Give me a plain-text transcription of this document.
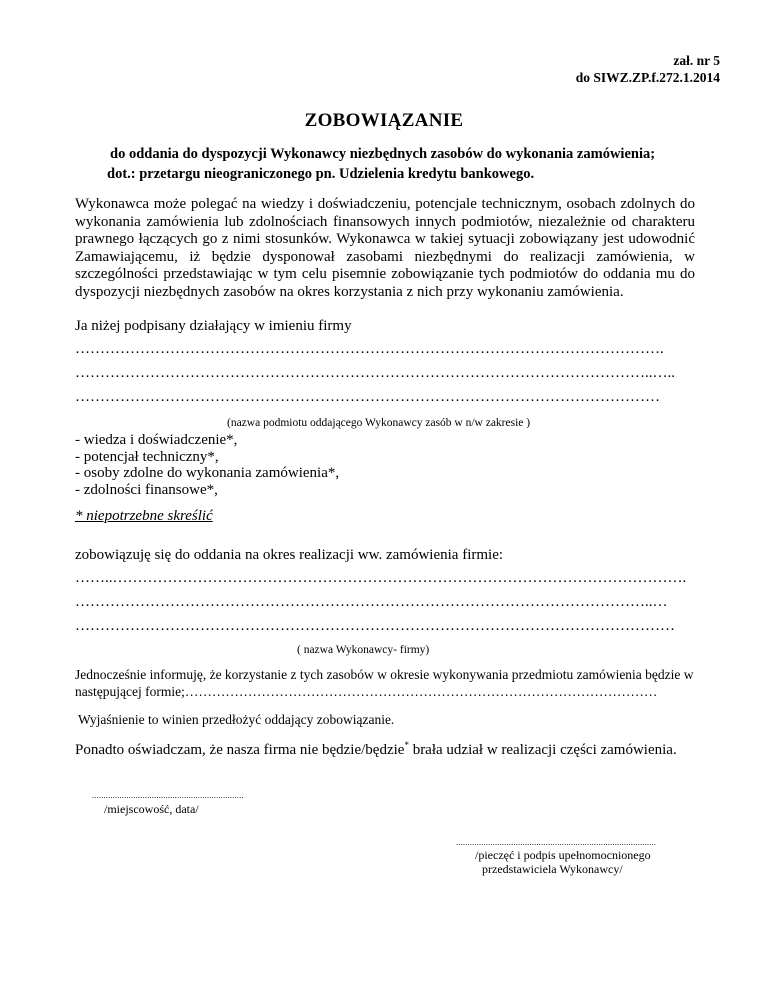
zał. nr 5

do SIWZ.ZP.f.272.1.2014

ZOBOWIĄZANIE

do oddania do dyspozycji Wykonawcy niezbędnych zasobów do wykonania zamówienia;

dot.: przetargu nieograniczonego pn. Udzielenia kredytu bankowego.

Wykonawca może polegać na wiedzy i doświadczeniu, potencjale technicznym, osobach zdolnych do wykonania zamówienia lub zdolnościach finansowych innych podmiotów, niezależnie od charakteru prawnego łączących go z nimi stosunków. Wykonawca w takiej sytuacji zobowiązany jest udowodnić Zamawiającemu, iż będzie dysponował zasobami niezbędnymi do realizacji zamówienia, w szczególności przedstawiając w tym celu pisemnie zobowiązanie tych podmiotów do oddania mu do dyspozycji niezbędnych zasobów na okres korzystania z nich przy wykonaniu zamówienia.

Ja niżej podpisany działający w imieniu firmy

……………………………………………………………………………………………………….

……………………………………………………………………………………………………..…..

………………………………………………………………………………………………………

(nazwa podmiotu oddającego Wykonawcy zasób w n/w zakresie )

- wiedza i doświadczenie*,
- potencjał techniczny*,
- osoby zdolne do wykonania zamówienia*,
- zdolności finansowe*,

* niepotrzebne skreślić

zobowiązuję się do oddania na okres realizacji ww. zamówienia firmie:

……..…………………………………………………………………………………………………….

……………………………………………………………………………………………………..…

…………………………………………………………………………………………………………

( nazwa Wykonawcy- firmy)

Jednocześnie informuję, że korzystanie z tych zasobów w okresie wykonywania przedmiotu zamówienia będzie w

następującej formie;……………………………………………………………………………………………

Wyjaśnienie to winien przedłożyć oddający zobowiązanie.

Ponadto oświadczam, że nasza firma nie będzie/będzie* brała udział w realizacji części zamówienia.

..................................................................

/miejscowość, data/

.......................................................................................

/pieczęć i podpis upełnomocnionego

przedstawiciela Wykonawcy/
